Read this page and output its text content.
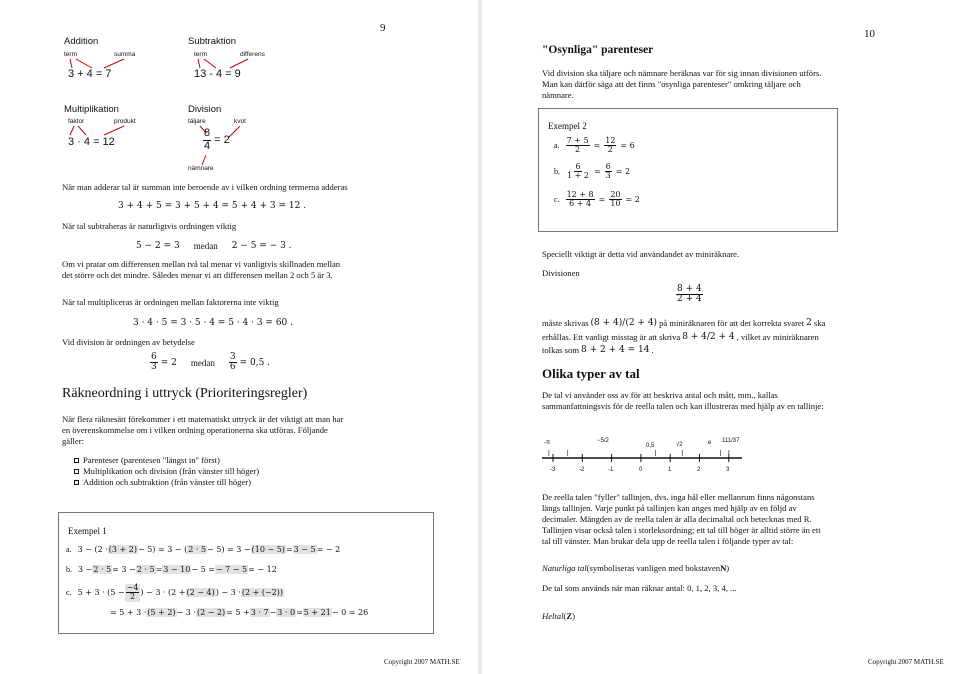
9
Addition
term	summa
3 + 4 = 7
Subtraktion
term	differens
13 - 4 = 9
Multiplikation
faktor	produkt
3 · 4 = 12
Division
täljare	kvot
$\frac{8}{4} = 2$
nämnare
När man adderar tal är summan inte beroende av i vilken ordning termerna adderas
3 + 4 + 5 = 3 + 5 + 4 = 5 + 4 + 3 = 12 .
När tal subtraheras är naturligtvis ordningen viktig
5 − 2 = 3 medan 2 − 5 = − 3 .
Om vi pratar om differensen mellan två tal menar vi vanligtvis skillnaden mellan
det större och det mindre. Således menar vi att differensen mellan 2 och 5 är 3.
När tal multipliceras är ordningen mellan faktorerna inte viktig
3 · 4 · 5 = 3 · 5 · 4 = 5 · 4 · 3 = 60 .
Vid division är ordningen av betydelse
$\frac{6}{3} = 2$ medan $\frac{3}{6} = 0,5$ .
Räkneordning i uttryck (Prioriteringsregler)
När flera räknesätt förekommer i ett matematiskt uttryck är det viktigt att man har
en överenskommelse om i vilken ordning operationerna ska utföras. Följande
gäller:
Parenteser (parentesen "längst in" först)
Multiplikation och division (från vänster till höger)
Addition och subtraktion (från vänster till höger)
Exempel 1
a. 3 − (2 · (3 + 2) − 5) = 3 − ( 2 · 5 − 5) = 3 − (10 − 5) = 3 − 5 = − 2
b. 3 − 2 · 5 = 3 − 2 · 5 = 3 − 10 − 5 = − 7 − 5 = − 12
c. $5 + 3 \cdot (5 - \frac{-4}{2}$ ) − 3 · (2 + (2 − 4) ) − 3 · (2 + (−2))
= 5 + 3 · (5 + 2) − 3 · (2 − 2) = 5 + 3 · 7 − 3 · 0 = 5 + 21 − 0 = 26
Copyright 2007 MATH.SE
10
"Osynliga" parenteser
Vid division ska täljare och nämnare beräknas var för sig innan divisionen utförs.
Man kan därför säga att det finns "osynliga parenteser" omkring täljare och
nämnare.
Exempel 2
a. $\frac{7 + 5}{2} = \frac{12}{2} = 6$
b. $\frac{6}{1 + 2} = \frac{6}{3} = 2$
c. $\frac{12 + 8}{6 + 4} = \frac{20}{10} = 2$
Speciellt viktigt är detta vid användandet av miniräknare.
Divisionen
$\frac{8 + 4}{2 + 4}$
måste skrivas (8 + 4)/(2 + 4) på miniräknaren för att det korrekta svaret 2 ska
erhållas. Ett vanligt misstag är att skriva 8 + 4/2 + 4 , vilket av miniräknaren
tolkas som 8 + 2 + 4 = 14 .
Olika typer av tal
De tal vi använder oss av för att beskriva antal och mått, mm., kallas
sammanfattningsvis för de reella talen och kan illustreras med hjälp av en tallinje:
-π	−5/2
0,5	√2	e 111/37
-3	-2	-1	0	1	2	3
De reella talen "fyller" tallinjen, dvs. inga hål eller mellanrum finns någonstans
längs tallinjen. Varje punkt på tallinjen kan anges med hjälp av en följd av
decimaler. Mängden av de reella talen är alla decimaltal och betecknas med R.
Tallinjen visar också talen i storleksordning; ett tal till höger är alltid större än ett
tal till vänster. Man brukar dela upp de reella talen i följande typer av tal:
Naturliga tal (symboliseras vanligen med bokstaven N )
De tal som används när man räknar antal: 0, 1, 2, 3, 4, ...
Heltal ( Z )
Copyright 2007 MATH.SE
